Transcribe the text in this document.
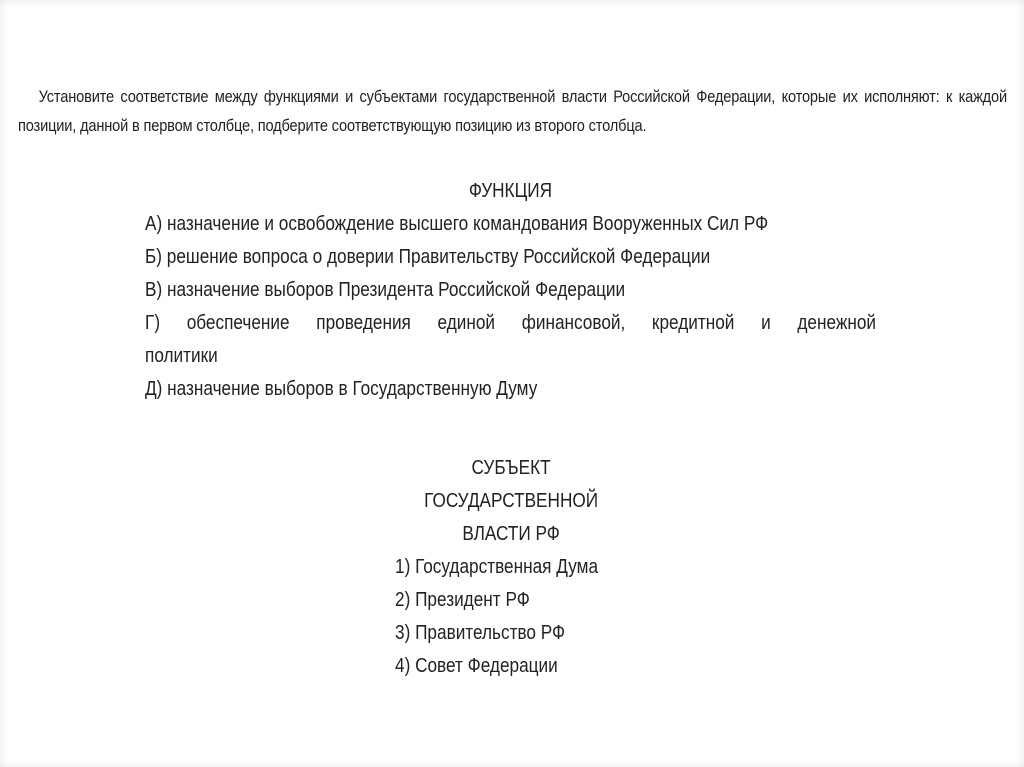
Установите соответствие между функциями и субъектами государственной власти Российской Федерации, которые их исполняют: к каждой позиции, данной в первом столбце, подберите соответствующую позицию из второго столбца.
ФУНКЦИЯ
А) назначение и освобождение высшего командования Вооруженных Сил РФ
Б) решение вопроса о доверии Правительству Российской Федерации
В) назначение выборов Президента Российской Федерации
Г) обеспечение проведения единой финансовой, кредитной и денежной
политики
Д) назначение выборов в Государственную Думу
СУБЪЕКТ
ГОСУДАРСТВЕННОЙ
ВЛАСТИ РФ
1) Государственная Дума
2) Президент РФ
3) Правительство РФ
4) Совет Федерации
